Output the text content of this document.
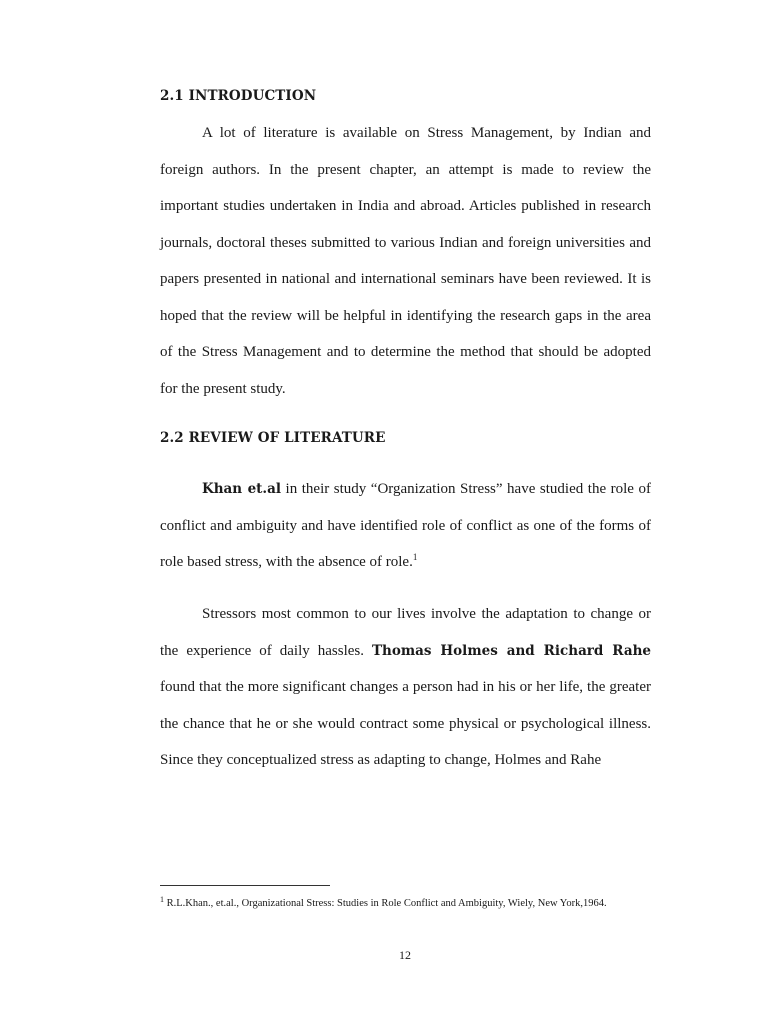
2.1 INTRODUCTION

A lot of literature is available on Stress Management, by Indian and foreign authors. In the present chapter, an attempt is made to review the important studies undertaken in India and abroad. Articles published in research journals, doctoral theses submitted to various Indian and foreign universities and papers presented in national and international seminars have been reviewed. It is hoped that the review will be helpful in identifying the research gaps in the area of the Stress Management and to determine the method that should be adopted for the present study.

2.2 REVIEW OF LITERATURE

Khan et.al in their study “Organization Stress” have studied the role of conflict and ambiguity and have identified role of conflict as one of the forms of role based stress, with the absence of role.$^1$

Stressors most common to our lives involve the adaptation to change or the experience of daily hassles. Thomas Holmes and Richard Rahe found that the more significant changes a person had in his or her life, the greater the chance that he or she would contract some physical or psychological illness. Since they conceptualized stress as adapting to change, Holmes and Rahe

$^1$ R.L.Khan., et.al., Organizational Stress: Studies in Role Conflict and Ambiguity, Wiely, New York,1964.

12
